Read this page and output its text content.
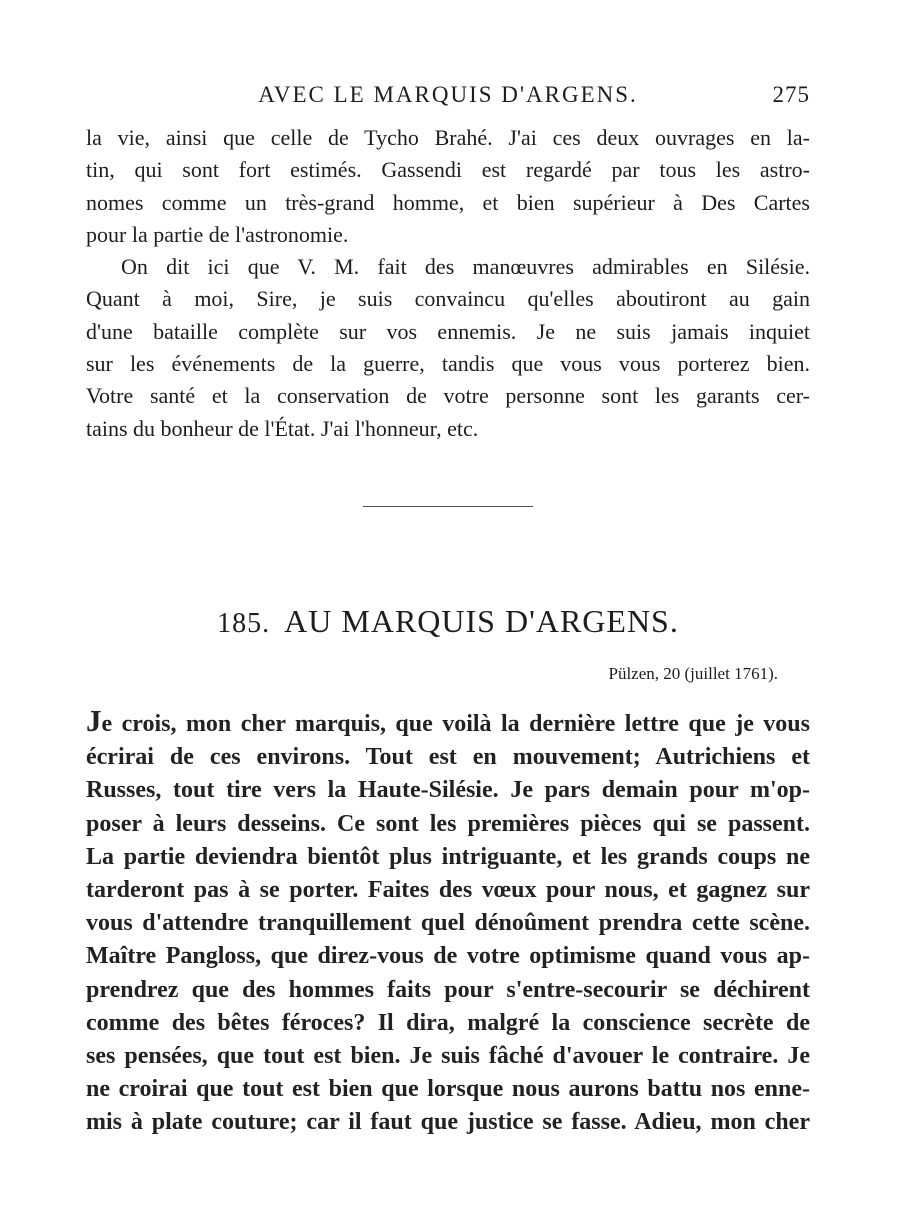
AVEC LE MARQUIS D'ARGENS.	275
la vie, ainsi que celle de Tycho Brahé. J'ai ces deux ouvrages en la-
tin, qui sont fort estimés. Gassendi est regardé par tous les astro-
nomes comme un très-grand homme, et bien supérieur à Des Cartes
pour la partie de l'astronomie.
On dit ici que V. M. fait des manœuvres admirables en Silésie.
Quant à moi, Sire, je suis convaincu qu'elles aboutiront au gain
d'une bataille complète sur vos ennemis. Je ne suis jamais inquiet
sur les événements de la guerre, tandis que vous vous porterez bien.
Votre santé et la conservation de votre personne sont les garants cer-
tains du bonheur de l'État. J'ai l'honneur, etc.
185. AU MARQUIS D'ARGENS.
Pülzen, 20 (juillet 1761).
Je crois, mon cher marquis, que voilà la dernière lettre que je vous
écrirai de ces environs. Tout est en mouvement; Autrichiens et
Russes, tout tire vers la Haute-Silésie. Je pars demain pour m'op-
poser à leurs desseins. Ce sont les premières pièces qui se passent.
La partie deviendra bientôt plus intriguante, et les grands coups ne
tarderont pas à se porter. Faites des vœux pour nous, et gagnez sur
vous d'attendre tranquillement quel dénoûment prendra cette scène.
Maître Pangloss, que direz-vous de votre optimisme quand vous ap-
prendrez que des hommes faits pour s'entre-secourir se déchirent
comme des bêtes féroces? Il dira, malgré la conscience secrète de
ses pensées, que tout est bien. Je suis fâché d'avouer le contraire. Je
ne croirai que tout est bien que lorsque nous aurons battu nos enne-
mis à plate couture; car il faut que justice se fasse. Adieu, mon cher
